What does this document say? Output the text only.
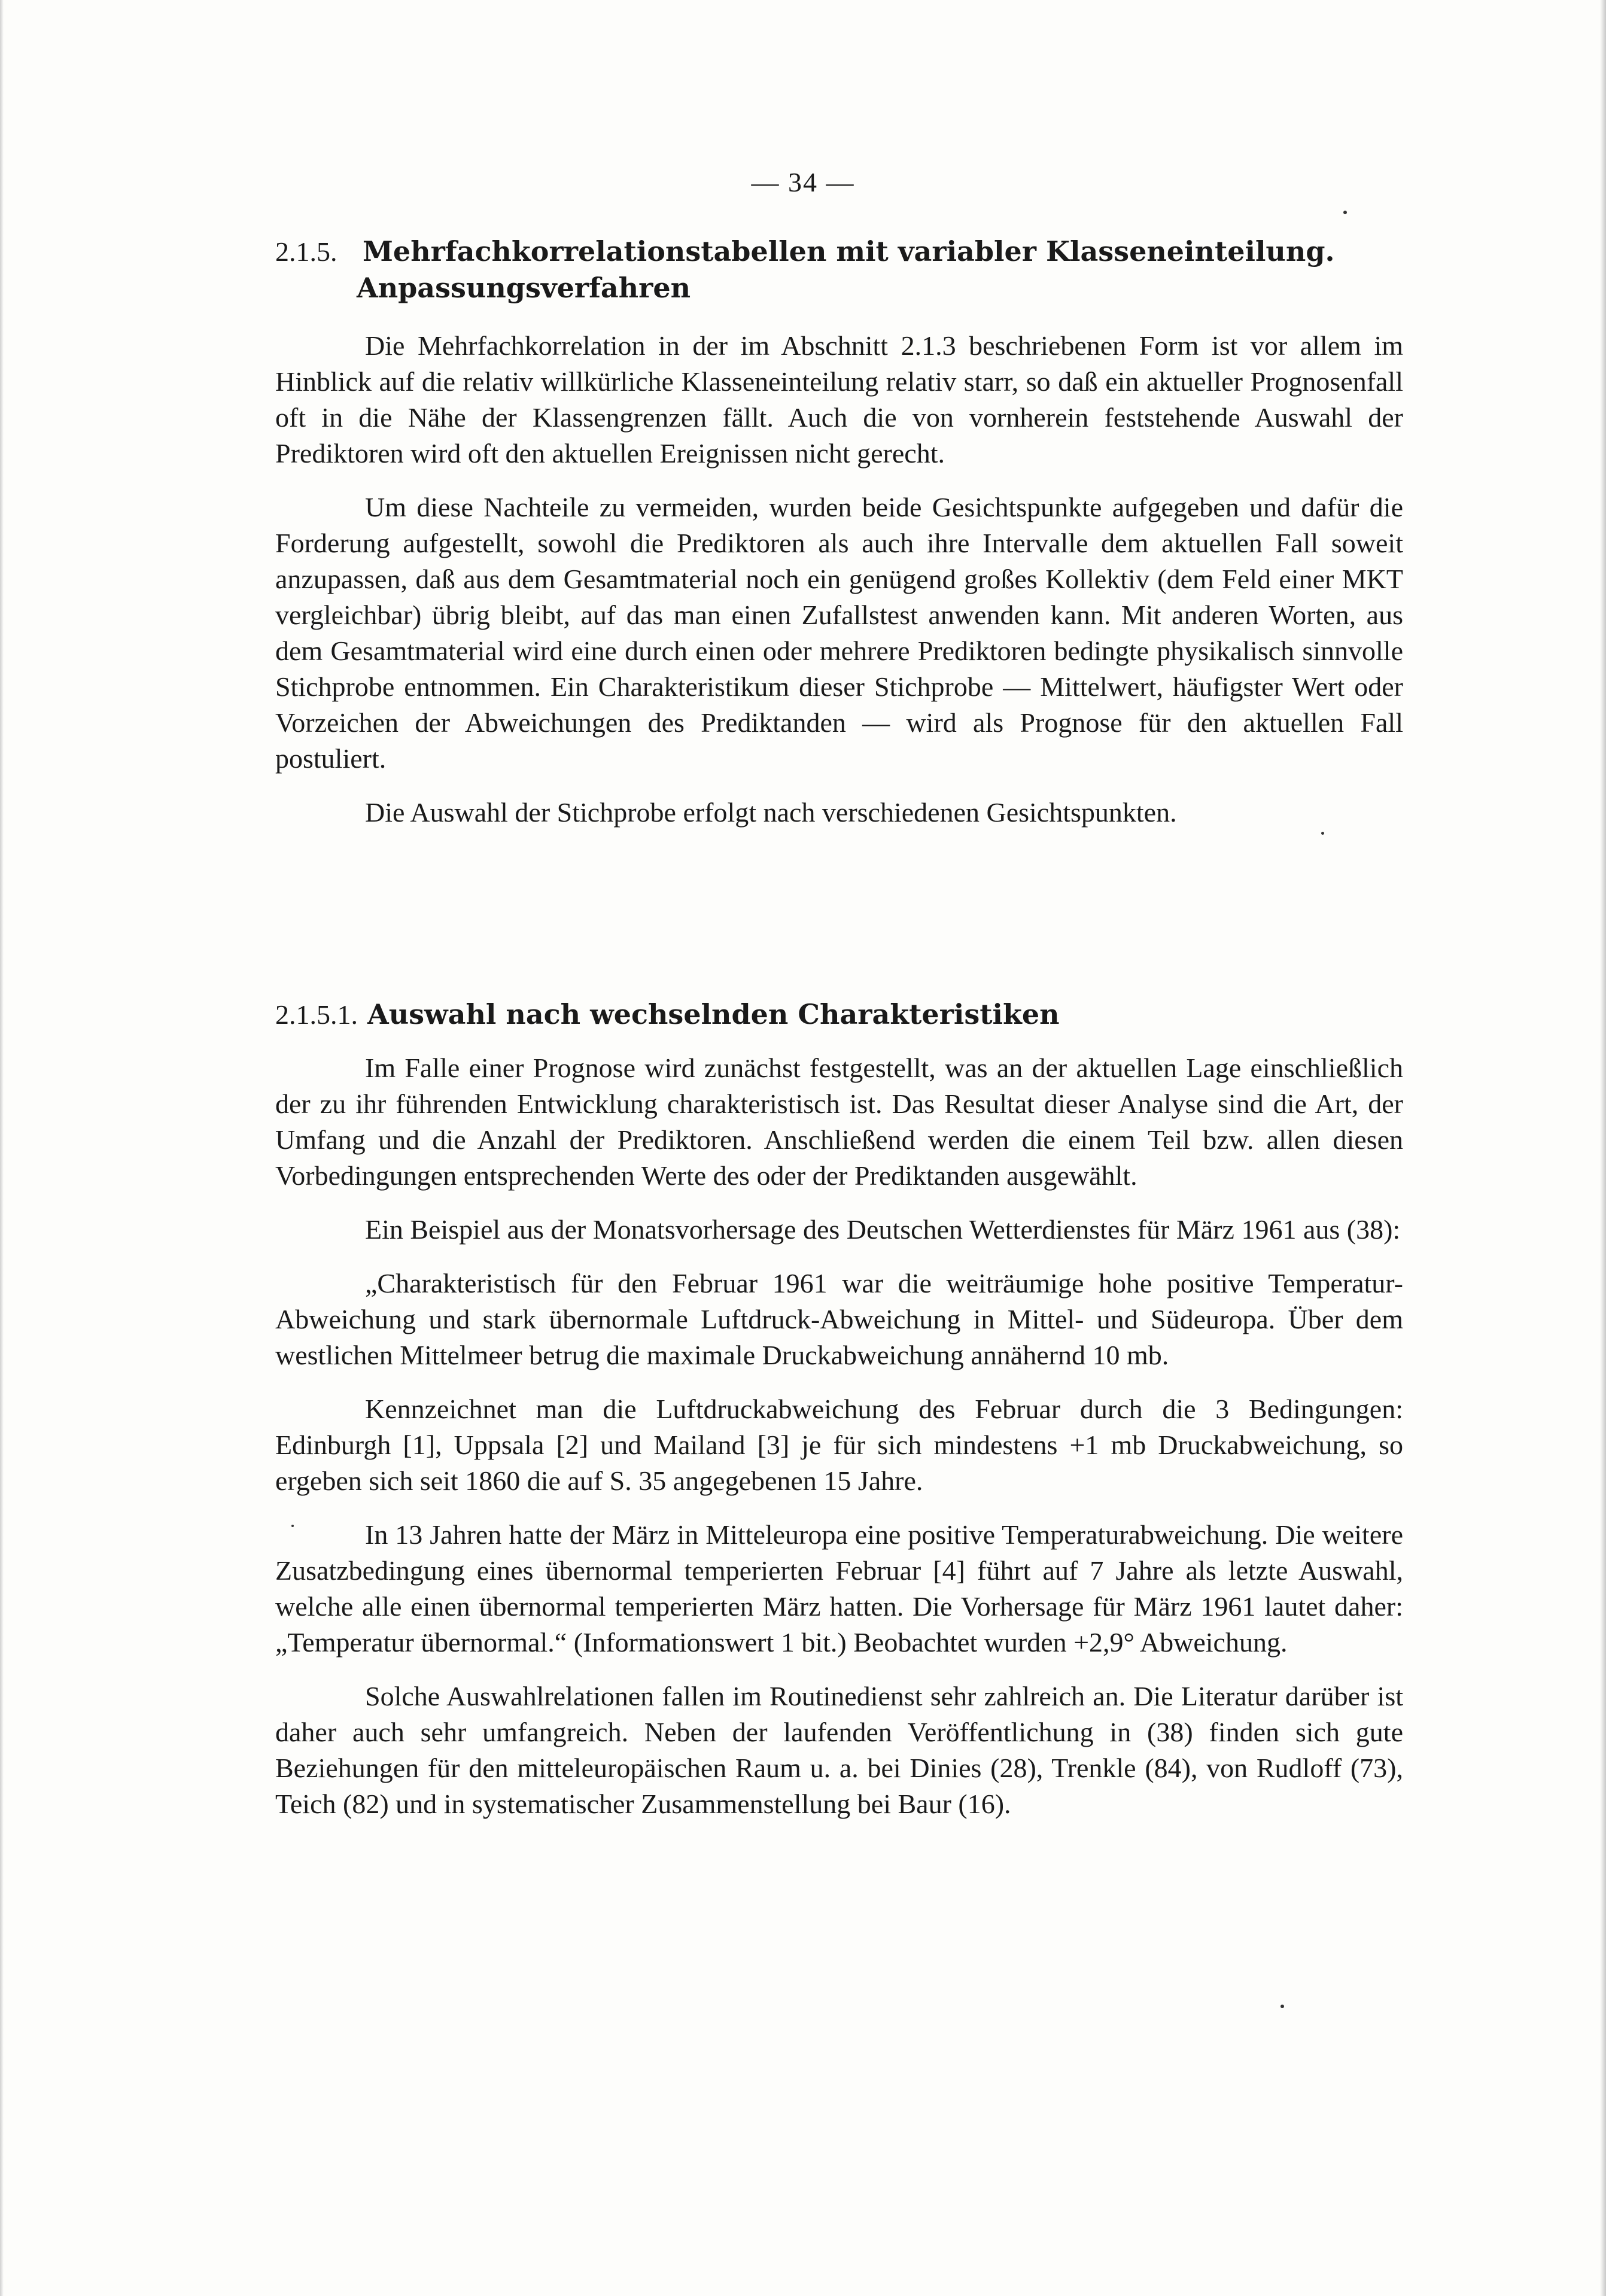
— 34 —
2.1.5. Mehrfachkorrelationstabellen mit variabler Klasseneinteilung.
Anpassungsverfahren

Die Mehrfachkorrelation in der im Abschnitt 2.1.3 beschriebenen Form ist vor allem im Hinblick auf die relativ willkürliche Klasseneinteilung relativ starr, so daß ein aktueller Prognosenfall oft in die Nähe der Klassengrenzen fällt. Auch die von vornherein feststehende Auswahl der Prediktoren wird oft den aktuellen Ereignissen nicht gerecht.

Um diese Nachteile zu vermeiden, wurden beide Gesichtspunkte aufgegeben und dafür die Forderung aufgestellt, sowohl die Prediktoren als auch ihre Intervalle dem aktuellen Fall soweit anzupassen, daß aus dem Gesamtmaterial noch ein genügend großes Kollektiv (dem Feld einer MKT vergleichbar) übrig bleibt, auf das man einen Zufallstest anwenden kann. Mit anderen Worten, aus dem Gesamtmaterial wird eine durch einen oder mehrere Prediktoren bedingte physikalisch sinnvolle Stichprobe entnommen. Ein Charakteristikum dieser Stichprobe — Mittelwert, häufigster Wert oder Vorzeichen der Abweichungen des Prediktanden — wird als Prognose für den aktuellen Fall postuliert.

Die Auswahl der Stichprobe erfolgt nach verschiedenen Gesichtspunkten.

2.1.5.1. Auswahl nach wechselnden Charakteristiken

Im Falle einer Prognose wird zunächst festgestellt, was an der aktuellen Lage einschließlich der zu ihr führenden Entwicklung charakteristisch ist. Das Resultat dieser Analyse sind die Art, der Umfang und die Anzahl der Prediktoren. Anschließend werden die einem Teil bzw. allen diesen Vorbedingungen entsprechenden Werte des oder der Prediktanden ausgewählt.

Ein Beispiel aus der Monatsvorhersage des Deutschen Wetterdienstes für März 1961 aus (38):

„Charakteristisch für den Februar 1961 war die weiträumige hohe positive Temperatur-Abweichung und stark übernormale Luftdruck-Abweichung in Mittel- und Südeuropa. Über dem westlichen Mittelmeer betrug die maximale Druckabweichung annähernd 10 mb.

Kennzeichnet man die Luftdruckabweichung des Februar durch die 3 Bedingungen: Edinburgh [1], Uppsala [2] und Mailand [3] je für sich mindestens +1 mb Druckabweichung, so ergeben sich seit 1860 die auf S. 35 angegebenen 15 Jahre.

In 13 Jahren hatte der März in Mitteleuropa eine positive Temperaturabweichung. Die weitere Zusatzbedingung eines übernormal temperierten Februar [4] führt auf 7 Jahre als letzte Auswahl, welche alle einen übernormal temperierten März hatten. Die Vorhersage für März 1961 lautet daher: „Temperatur übernormal.“ (Informationswert 1 bit.) Beobachtet wurden +2,9° Abweichung.

Solche Auswahlrelationen fallen im Routinedienst sehr zahlreich an. Die Literatur darüber ist daher auch sehr umfangreich. Neben der laufenden Veröffentlichung in (38) finden sich gute Beziehungen für den mitteleuropäischen Raum u. a. bei Dinies (28), Trenkle (84), von Rudloff (73), Teich (82) und in systematischer Zusammenstellung bei Baur (16).
